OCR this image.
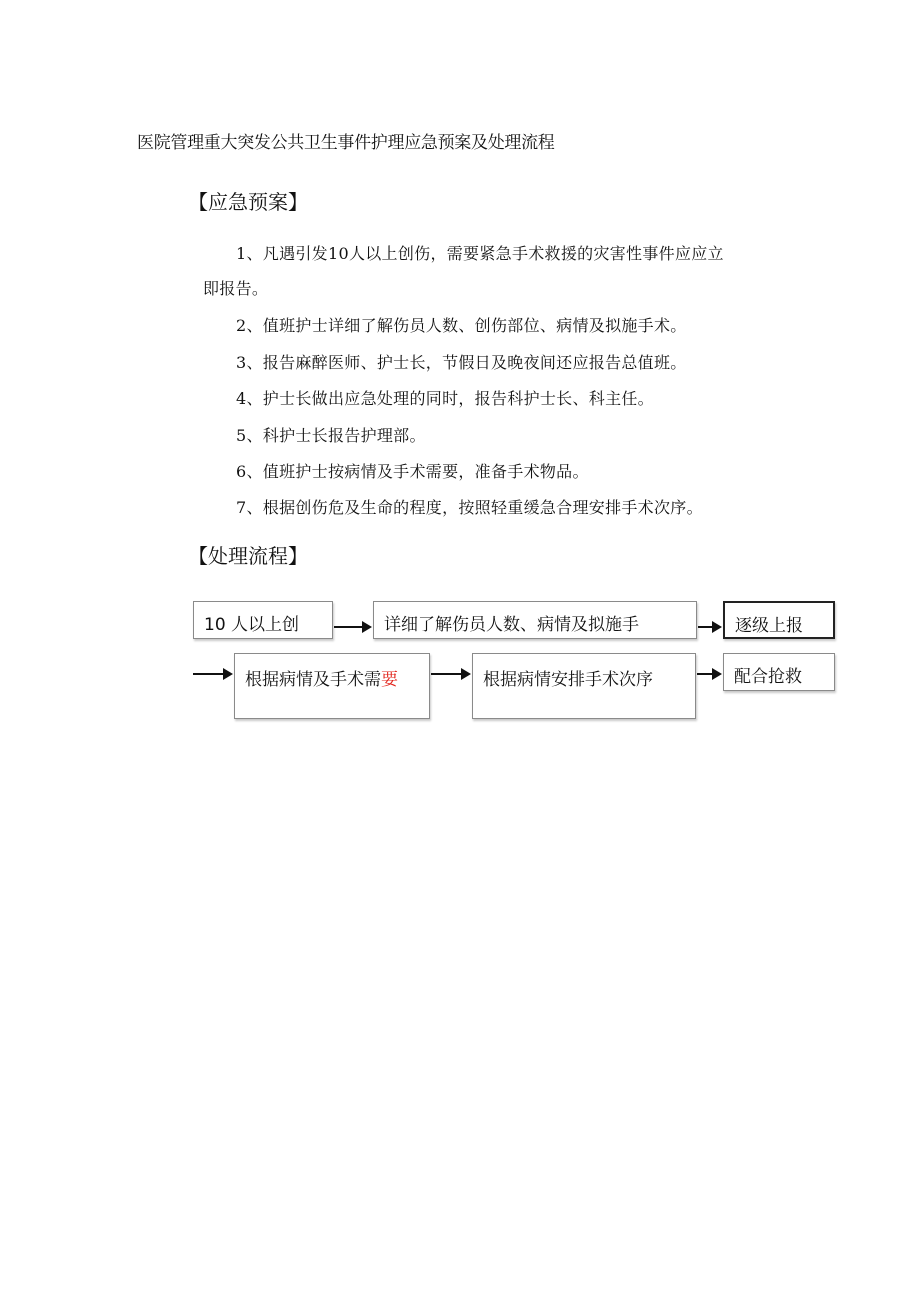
医院管理重大突发公共卫生事件护理应急预案及处理流程
【应急预案】
1、凡遇引发10人以上创伤，需要紧急手术救援的灾害性事件应应立
即报告。
2、值班护士详细了解伤员人数、创伤部位、病情及拟施手术。
3、报告麻醉医师、护士长，节假日及晚夜间还应报告总值班。
4、护士长做出应急处理的同时，报告科护士长、科主任。
5、科护士长报告护理部。
6、值班护士按病情及手术需要，准备手术物品。
7、根据创伤危及生命的程度，按照轻重缓急合理安排手术次序。
【处理流程】
10 人以上创	详细了解伤员人数、病情及拟施手	逐级上报
根据病情及手术需要	根据病情安排手术次序	配合抢救
